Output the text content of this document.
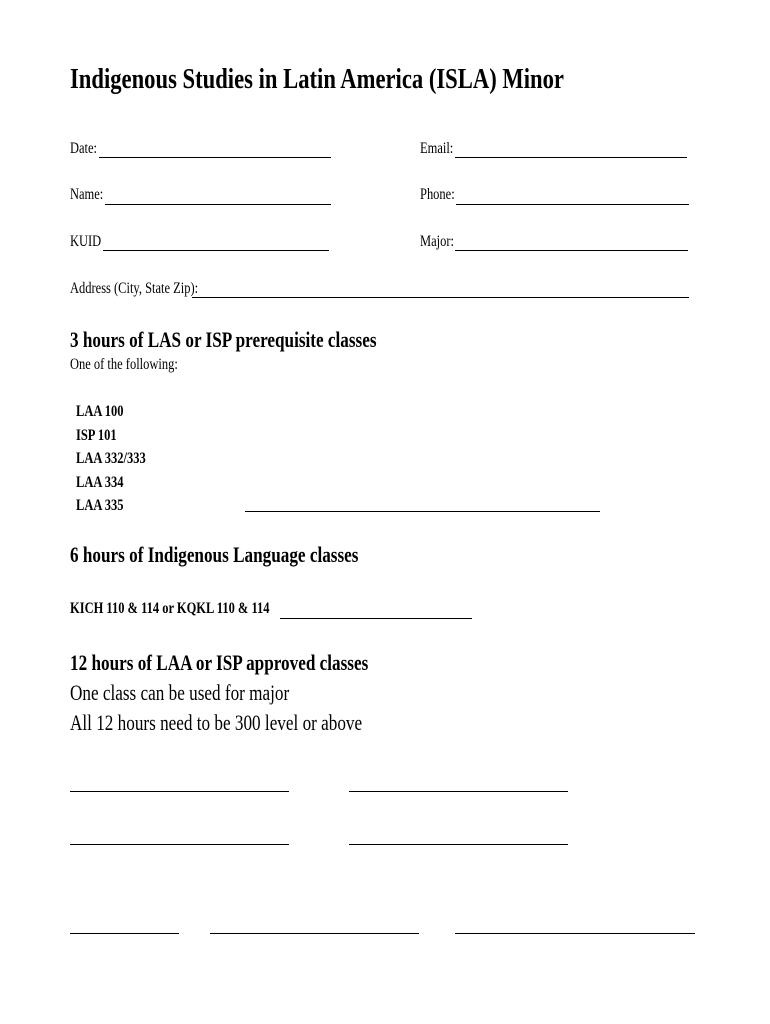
Indigenous Studies in Latin America (ISLA) Minor
Date:	Email:
Name:	Phone:
KUID	Major:
Address (City, State Zip):
3 hours of LAS or ISP prerequisite classes
One of the following:
LAA 100
ISP 101
LAA 332/333
LAA 334
LAA 335
6 hours of Indigenous Language classes
KICH 110 & 114 or KQKL 110 & 114
12 hours of LAA or ISP approved classes
One class can be used for major
All 12 hours need to be 300 level or above
